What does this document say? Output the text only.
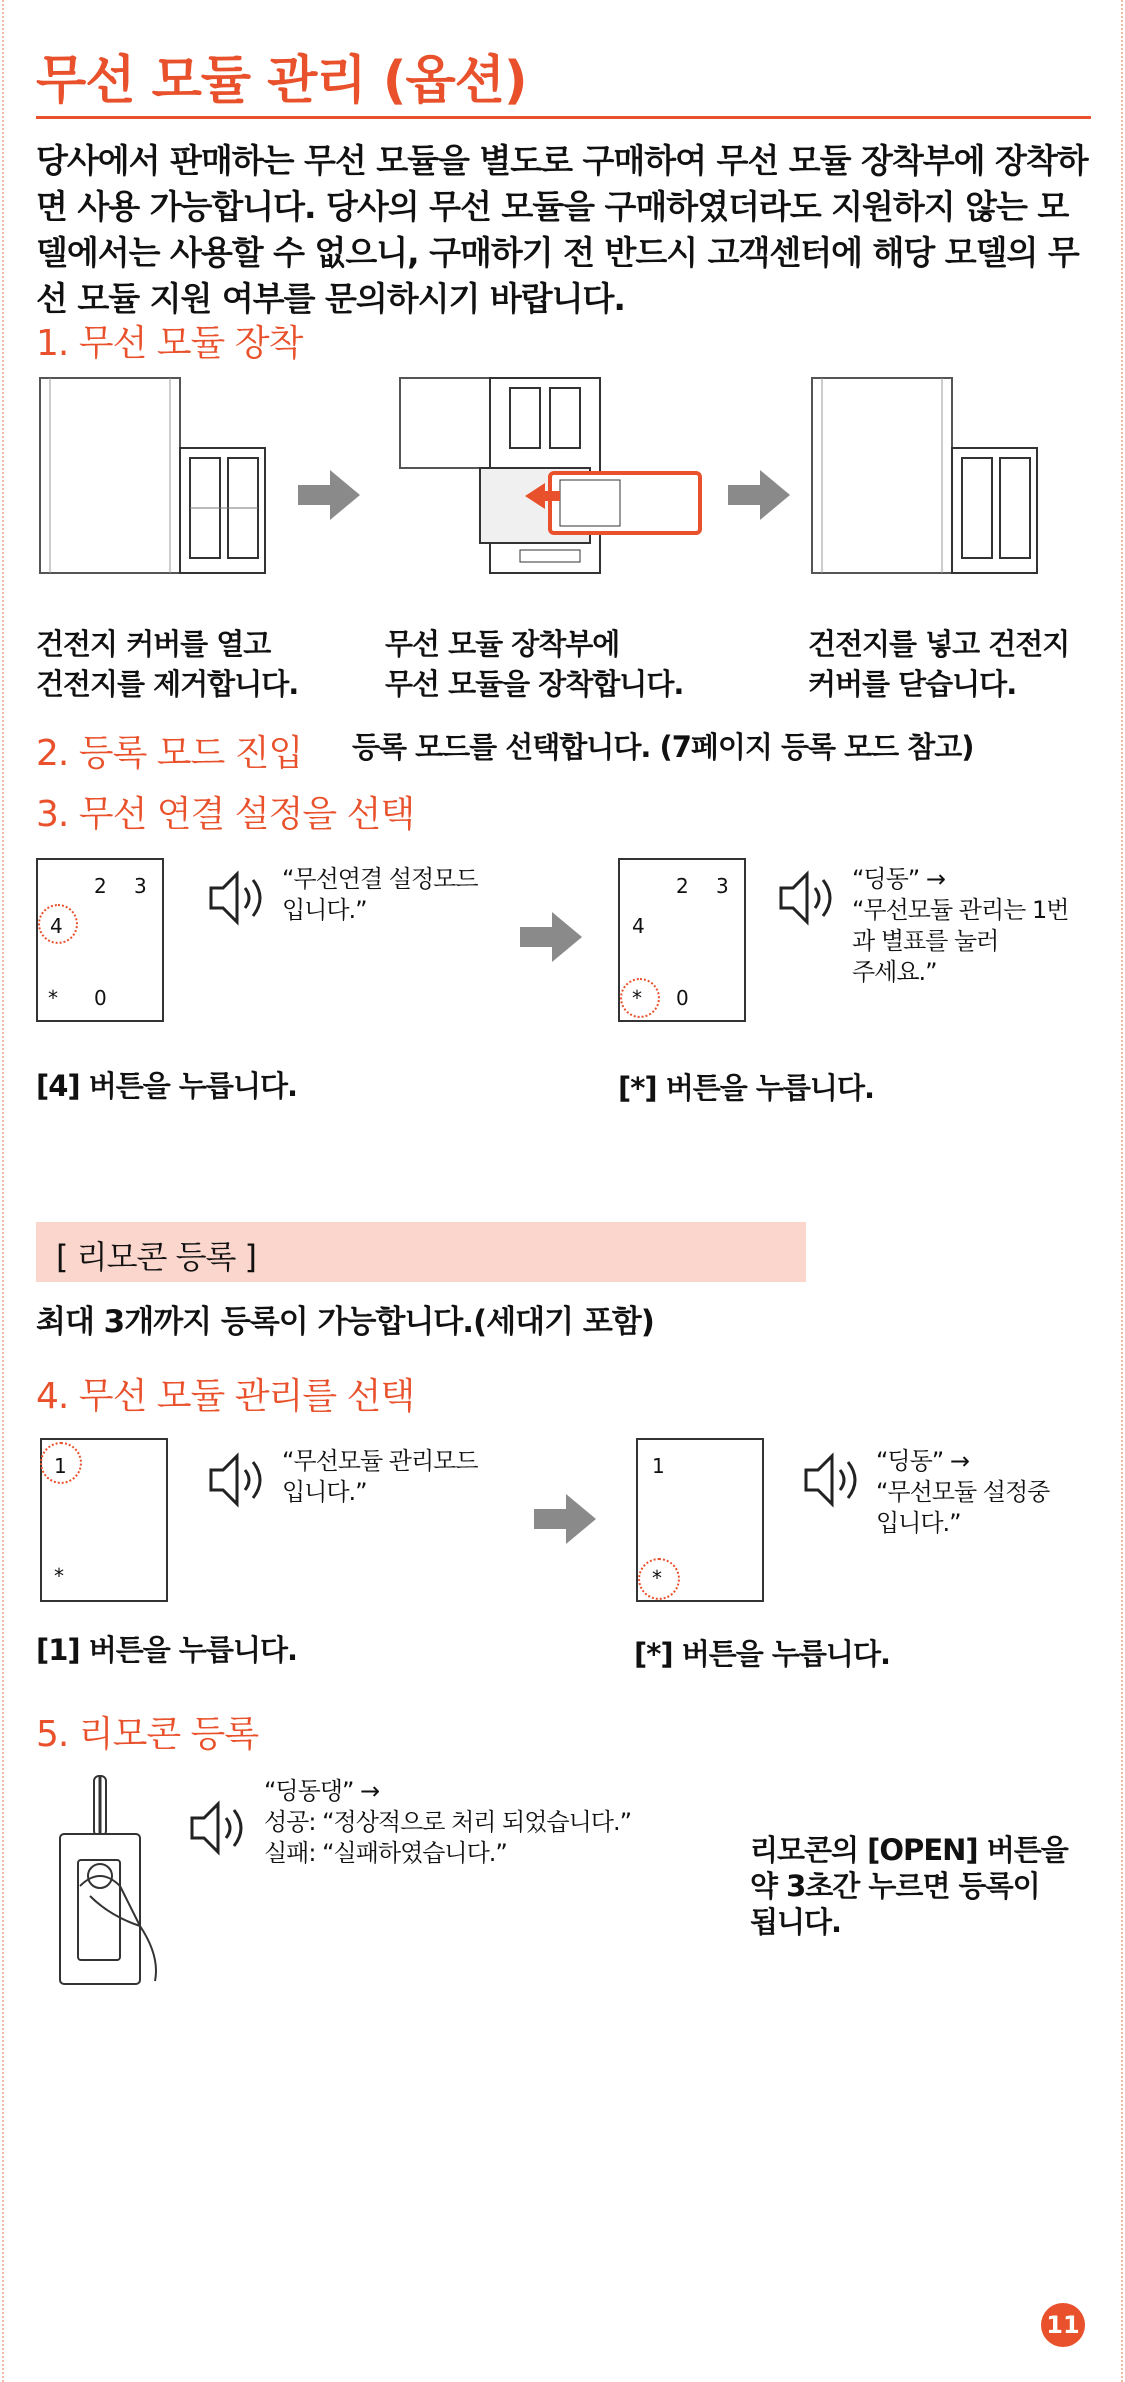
무선 모듈 관리 (옵션)
당사에서 판매하는 무선 모듈을 별도로 구매하여 무선 모듈 장착부에 장착하면 사용 가능합니다. 당사의 무선 모듈을 구매하였더라도 지원하지 않는 모델에서는 사용할 수 없으니, 구매하기 전 반드시 고객센터에 해당 모델의 무선 모듈 지원 여부를 문의하시기 바랍니다.
1. 무선 모듈 장착
건전지 커버를 열고
건전지를 제거합니다.
무선 모듈 장착부에
무선 모듈을 장착합니다.
건전지를 넣고 건전지
커버를 닫습니다.
2. 등록 모드 진입 등록 모드를 선택합니다. (7페이지 등록 모드 참고)
3. 무선 연결 설정을 선택
2 3
4
* 0
“무선연결 설정모드
입니다.”
2 3
4
* 0
“딩동” →
“무선모듈 관리는 1번
과 별표를 눌러
주세요.”
[4] 버튼을 누릅니다.	[*] 버튼을 누릅니다.
[ 리모콘 등록 ]
최대 3개까지 등록이 가능합니다.(세대기 포함)
4. 무선 모듈 관리를 선택
1
*
“무선모듈 관리모드
입니다.”
1
*
“딩동” →
“무선모듈 설정중
입니다.”
[1] 버튼을 누릅니다.	[*] 버튼을 누릅니다.
5. 리모콘 등록
“딩동댕” →
성공: “정상적으로 처리 되었습니다.”
실패: “실패하였습니다.”	리모콘의 [OPEN] 버튼을
약 3초간 누르면 등록이
됩니다.
11
